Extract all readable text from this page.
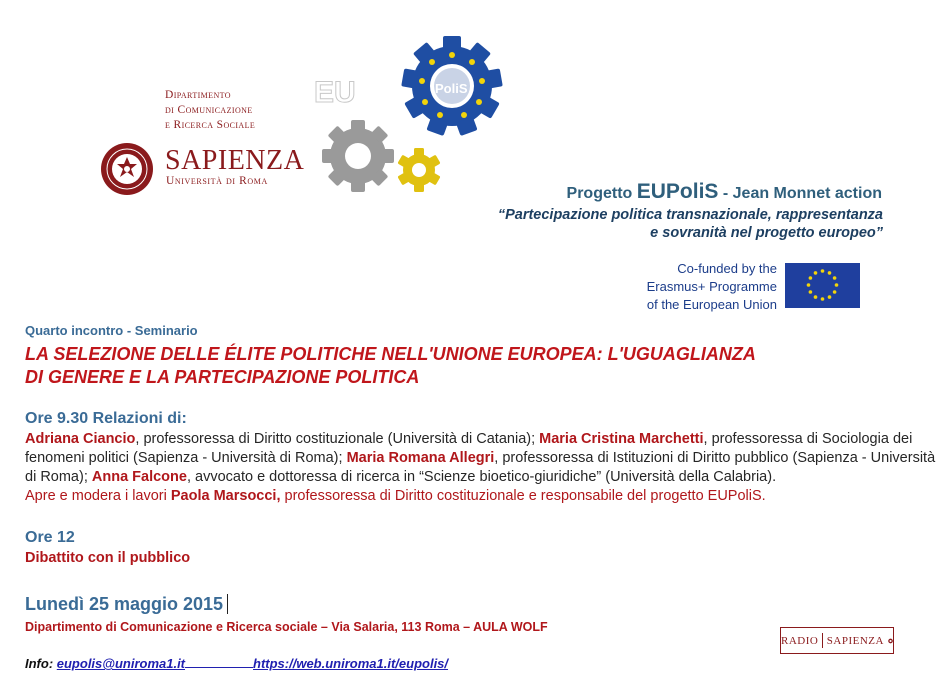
Dipartimento
di Comunicazione
e Ricerca Sociale
SAPIENZA
Università di Roma
PoliS
EU
Progetto EUPoliS - Jean Monnet action
“Partecipazione politica transnazionale, rappresentanza
e sovranità nel progetto europeo”
Co-funded by the
Erasmus+ Programme
of the European Union
Quarto incontro - Seminario
LA SELEZIONE DELLE ÉLITE POLITICHE NELL'UNIONE EUROPEA: L'UGUAGLIANZA
DI GENERE E LA PARTECIPAZIONE POLITICA
Ore 9.30 Relazioni di:
Adriana Ciancio, professoressa di Diritto costituzionale (Università di Catania); Maria Cristina Marchetti, professoressa di Sociologia dei fenomeni politici (Sapienza - Università di Roma); Maria Romana Allegri, professoressa di Istituzioni di Diritto pubblico (Sapienza - Università di Roma); Anna Falcone, avvocato e dottoressa di ricerca in “Scienze bioetico-giuridiche” (Università della Calabria).
Apre e modera i lavori Paola Marsocci, professoressa di Diritto costituzionale e responsabile del progetto EUPoliS.
Ore 12
Dibattito con il pubblico
Lunedì 25 maggio 2015
Dipartimento di Comunicazione e Ricerca sociale – Via Salaria, 113 Roma – AULA WOLF
RADIO SAPIENZA
Info: eupolis@uniroma1.it	https://web.uniroma1.it/eupolis/
